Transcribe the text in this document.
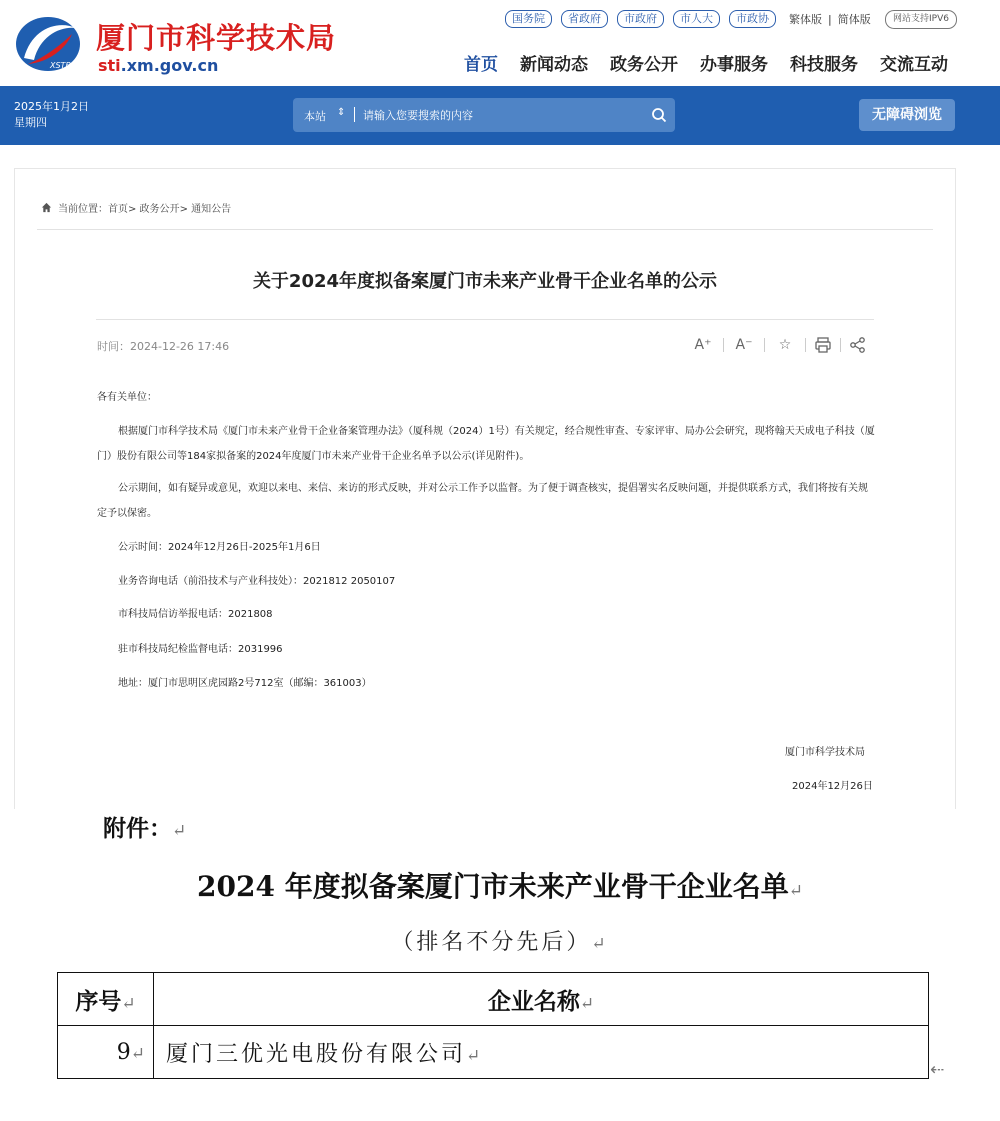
XSTB
厦门市科学技术局
sti.xm.gov.cn
国务院	省政府	市政府	市人大	市政协	繁体版 | 简体版	网站支持IPV6
首页 新闻动态 政务公开 办事服务 科技服务 交流互动
2025年1月2日
星期四	本站 ⇕
请输入您要搜索的内容	无障碍浏览
当前位置： 首页 > 政务公开 > 通知公告
关于2024年度拟备案厦门市未来产业骨干企业名单的公示
时间：2024-12-26 17:46	A⁺ A⁻	☆
各有关单位：
根据厦门市科学技术局《厦门市未来产业骨干企业备案管理办法》（厦科规（2024）1号）有关规定，经合规性审查、专家评审、局办公会研究，现将翰天天成电子科技（厦门）股份有限公司等184家拟备案的2024年度厦门市未来产业骨干企业名单予以公示(详见附件)。
公示期间，如有疑异或意见，欢迎以来电、来信、来访的形式反映，并对公示工作予以监督。为了便于调查核实，提倡署实名反映问题，并提供联系方式，我们将按有关规定予以保密。
公示时间：2024年12月26日-2025年1月6日
业务咨询电话（前沿技术与产业科技处）：2021812 2050107
市科技局信访举报电话：2021808
驻市科技局纪检监督电话：2031996
地址：厦门市思明区虎园路2号712室（邮编：361003）
厦门市科学技术局
2024年12月26日
附件：↵
2024 年度拟备案厦门市未来产业骨干企业名单↵
（排名不分先后）↵
序号↵	企业名称↵
9↵	厦门三优光电股份有限公司↵
⇠
